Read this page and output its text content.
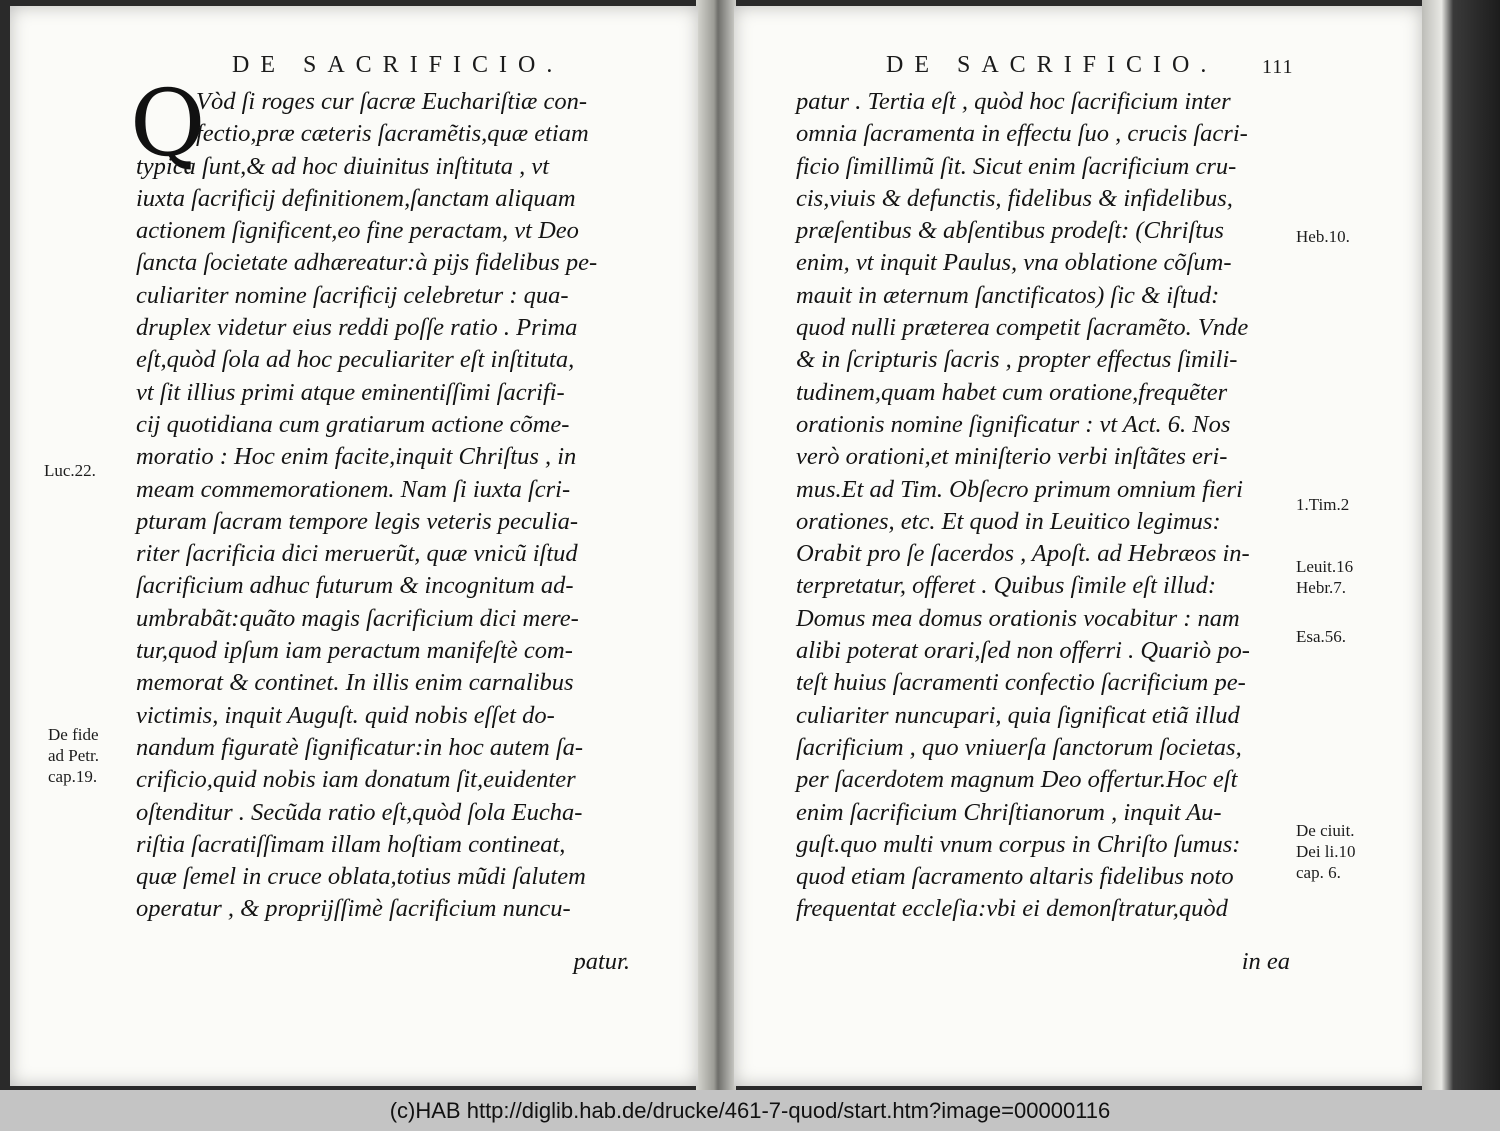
DE SACRIFICIO.
Q
Vòd ſi roges cur ſacræ Euchariſtiæ con-
fectio,præ cæteris ſacramẽtis,quæ etiam
typica ſunt,& ad hoc diuinitus inſtituta , vt
iuxta ſacrificij definitionem,ſanctam aliquam
actionem ſignificent,eo fine peractam, vt Deo
ſancta ſocietate adhæreatur:à pijs fidelibus pe-
culiariter nomine ſacrificij celebretur : qua-
druplex videtur eius reddi poſſe ratio . Prima
eſt,quòd ſola ad hoc peculiariter eſt inſtituta,
vt ſit illius primi atque eminentiſſimi ſacrifi-
cij quotidiana cum gratiarum actione cõme-
moratio : Hoc enim facite,inquit Chriſtus , in
meam commemorationem. Nam ſi iuxta ſcri-
pturam ſacram tempore legis veteris peculia-
riter ſacrificia dici meruerũt, quæ vnicũ iſtud
ſacrificium adhuc futurum & incognitum ad-
umbrabãt:quãto magis ſacrificium dici mere-
tur,quod ipſum iam peractum manifeſtè com-
memorat & continet. In illis enim carnalibus
victimis, inquit Auguſt. quid nobis eſſet do-
nandum figuratè ſignificatur:in hoc autem ſa-
crificio,quid nobis iam donatum ſit,euidenter
oſtenditur . Secũda ratio eſt,quòd ſola Eucha-
riſtia ſacratiſſimam illam hoſtiam contineat,
quæ ſemel in cruce oblata,totius mũdi ſalutem
operatur , & proprijſſimè ſacrificium nuncu-
patur.
Luc.22.
De fide
ad Petr.
cap.19.
DE SACRIFICIO. 111
patur . Tertia eſt , quòd hoc ſacrificium inter
omnia ſacramenta in effectu ſuo , crucis ſacri-
ficio ſimillimũ ſit. Sicut enim ſacrificium cru-
cis,viuis & defunctis, fidelibus & infidelibus,
præſentibus & abſentibus prodeſt: (Chriſtus
enim, vt inquit Paulus, vna oblatione cõſum-
mauit in æternum ſanctificatos) ſic & iſtud:
quod nulli præterea competit ſacramẽto. Vnde
& in ſcripturis ſacris , propter effectus ſimili-
tudinem,quam habet cum oratione,frequẽter
orationis nomine ſignificatur : vt Act. 6. Nos
verò orationi,et miniſterio verbi inſtãtes eri-
mus.Et ad Tim. Obſecro primum omnium fieri
orationes, etc. Et quod in Leuitico legimus:
Orabit pro ſe ſacerdos , Apoſt. ad Hebræos in-
terpretatur, offeret . Quibus ſimile eſt illud:
Domus mea domus orationis vocabitur : nam
alibi poterat orari,ſed non offerri . Quariò po-
teſt huius ſacramenti confectio ſacrificium pe-
culiariter nuncupari, quia ſignificat etiã illud
ſacrificium , quo vniuerſa ſanctorum ſocietas,
per ſacerdotem magnum Deo offertur.Hoc eſt
enim ſacrificium Chriſtianorum , inquit Au-
guſt.quo multi vnum corpus in Chriſto ſumus:
quod etiam ſacramento altaris fidelibus noto
frequentat eccleſia:vbi ei demonſtratur,quòd
in ea
Heb.10.
1.Tim.2
Leuit.16
Hebr.7.
Esa.56.
De ciuit.
Dei li.10
cap. 6.
(c)HAB http://diglib.hab.de/drucke/461-7-quod/start.htm?image=00000116
